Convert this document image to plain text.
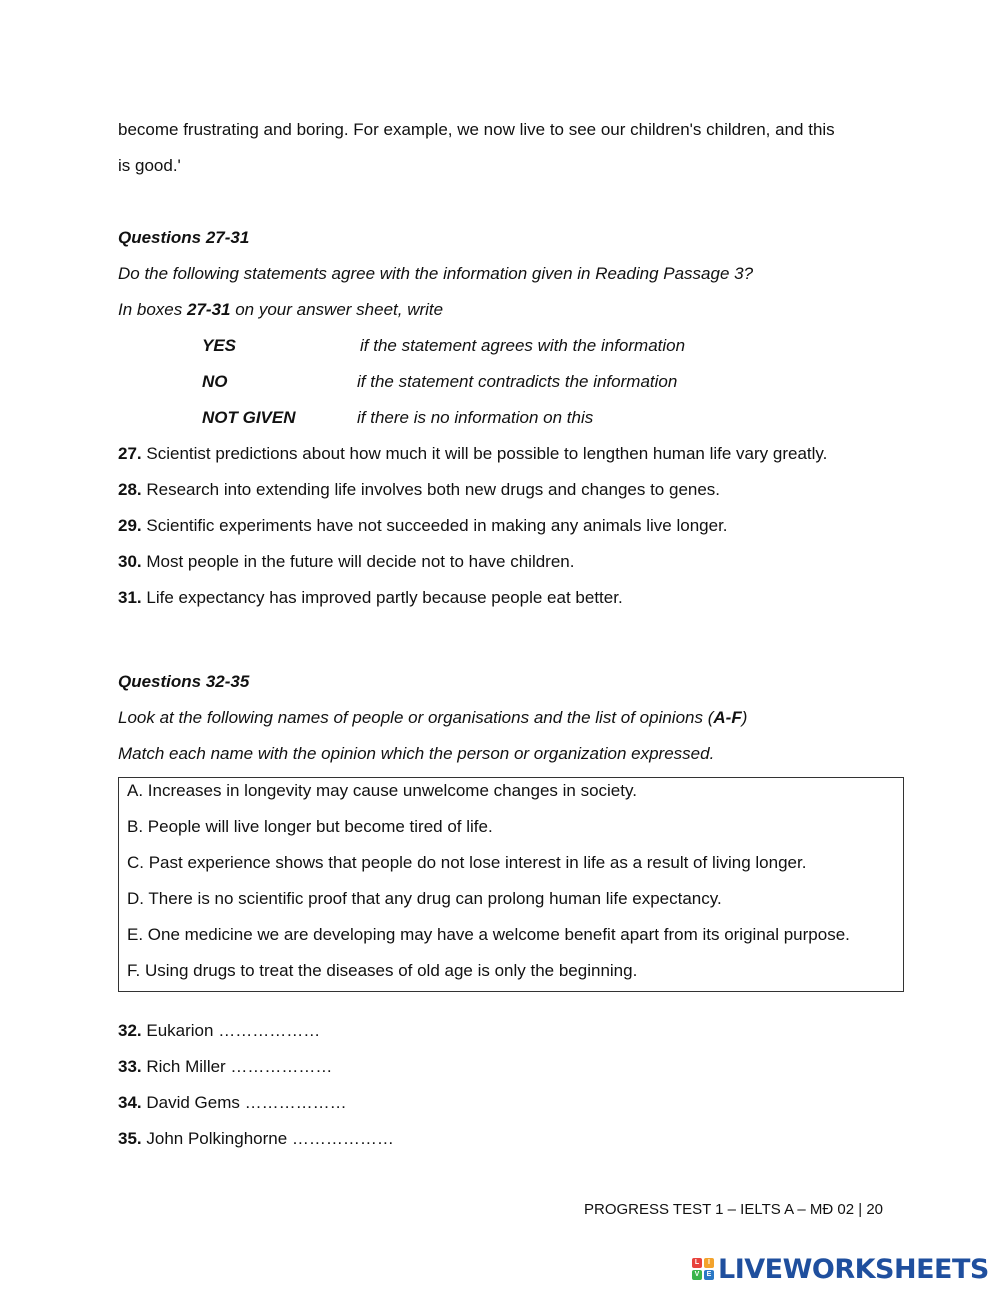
become frustrating and boring. For example, we now live to see our children's children, and this
is good.'
Questions 27-31
Do the following statements agree with the information given in Reading Passage 3?
In boxes 27-31 on your answer sheet, write
YES	if the statement agrees with the information
NO	if the statement contradicts the information
NOT GIVEN	if there is no information on this
27. Scientist predictions about how much it will be possible to lengthen human life vary greatly.
28. Research into extending life involves both new drugs and changes to genes.
29. Scientific experiments have not succeeded in making any animals live longer.
30. Most people in the future will decide not to have children.
31. Life expectancy has improved partly because people eat better.
Questions 32-35
Look at the following names of people or organisations and the list of opinions (A-F)
Match each name with the opinion which the person or organization expressed.
A. Increases in longevity may cause unwelcome changes in society.
B. People will live longer but become tired of life.
C. Past experience shows that people do not lose interest in life as a result of living longer.
D. There is no scientific proof that any drug can prolong human life expectancy.
E. One medicine we are developing may have a welcome benefit apart from its original purpose.
F. Using drugs to treat the diseases of old age is only the beginning.
32. Eukarion ………………
33. Rich Miller ………………
34. David Gems ………………
35. John Polkinghorne ………………
PROGRESS TEST 1 – IELTS A – MĐ 02 | 20
L	I
V	E LIVEWORKSHEETS
